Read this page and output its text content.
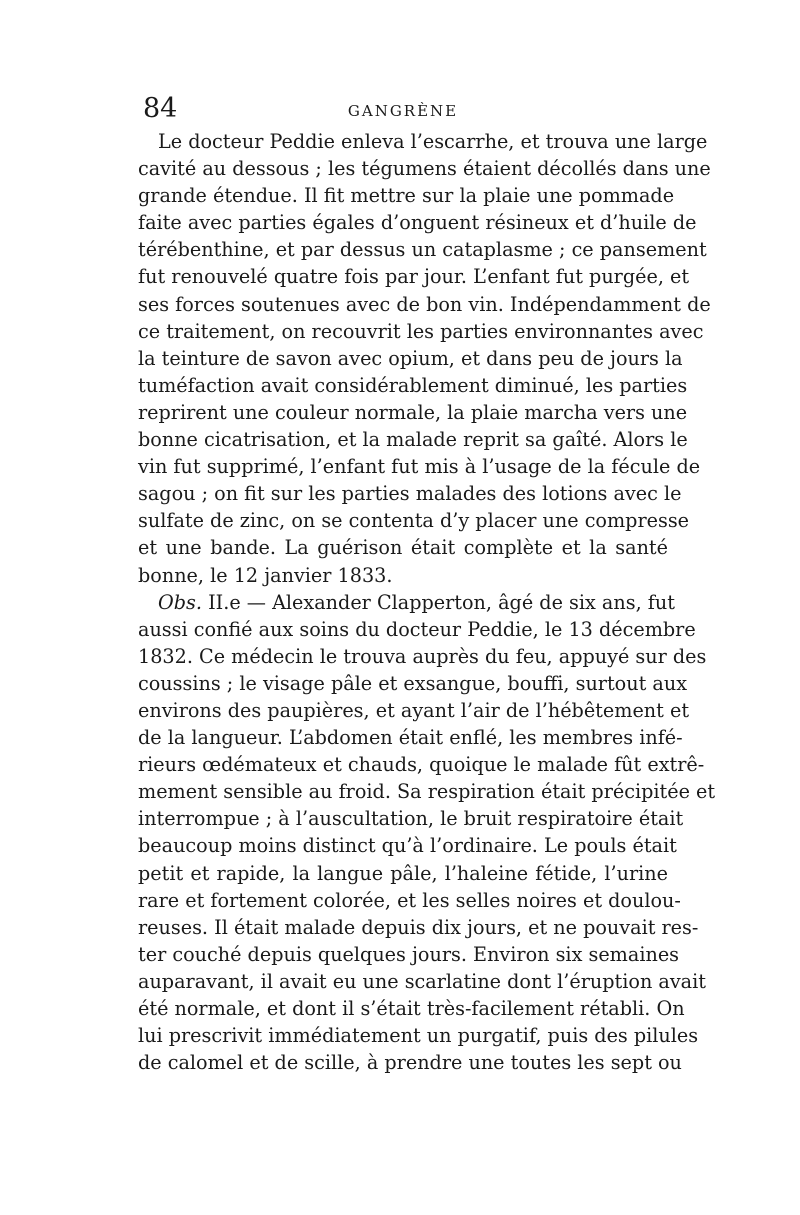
84	GANGRÈNE
Le docteur Peddie enleva l’escarrhe, et trouva une large
cavité au dessous ; les tégumens étaient décollés dans une
grande étendue. Il fit mettre sur la plaie une pommade
faite avec parties égales d’onguent résineux et d’huile de
térébenthine, et par dessus un cataplasme ; ce pansement
fut renouvelé quatre fois par jour. L’enfant fut purgée, et
ses forces soutenues avec de bon vin. Indépendamment de
ce traitement, on recouvrit les parties environnantes avec
la teinture de savon avec opium, et dans peu de jours la
tuméfaction avait considérablement diminué, les parties
reprirent une couleur normale, la plaie marcha vers une
bonne cicatrisation, et la malade reprit sa gaîté. Alors le
vin fut supprimé, l’enfant fut mis à l’usage de la fécule de
sagou ; on fit sur les parties malades des lotions avec le
sulfate de zinc, on se contenta d’y placer une compresse
et une bande. La guérison était complète et la santé
bonne, le 12 janvier 1833.
Obs. II.e — Alexander Clapperton, âgé de six ans, fut
aussi confié aux soins du docteur Peddie, le 13 décembre
1832. Ce médecin le trouva auprès du feu, appuyé sur des
coussins ; le visage pâle et exsangue, bouffi, surtout aux
environs des paupières, et ayant l’air de l’hébêtement et
de la langueur. L’abdomen était enflé, les membres infé-
rieurs œdémateux et chauds, quoique le malade fût extrê-
mement sensible au froid. Sa respiration était précipitée et
interrompue ; à l’auscultation, le bruit respiratoire était
beaucoup moins distinct qu’à l’ordinaire. Le pouls était
petit et rapide, la langue pâle, l’haleine fétide, l’urine
rare et fortement colorée, et les selles noires et doulou-
reuses. Il était malade depuis dix jours, et ne pouvait res-
ter couché depuis quelques jours. Environ six semaines
auparavant, il avait eu une scarlatine dont l’éruption avait
été normale, et dont il s’était très-facilement rétabli. On
lui prescrivit immédiatement un purgatif, puis des pilules
de calomel et de scille, à prendre une toutes les sept ou
